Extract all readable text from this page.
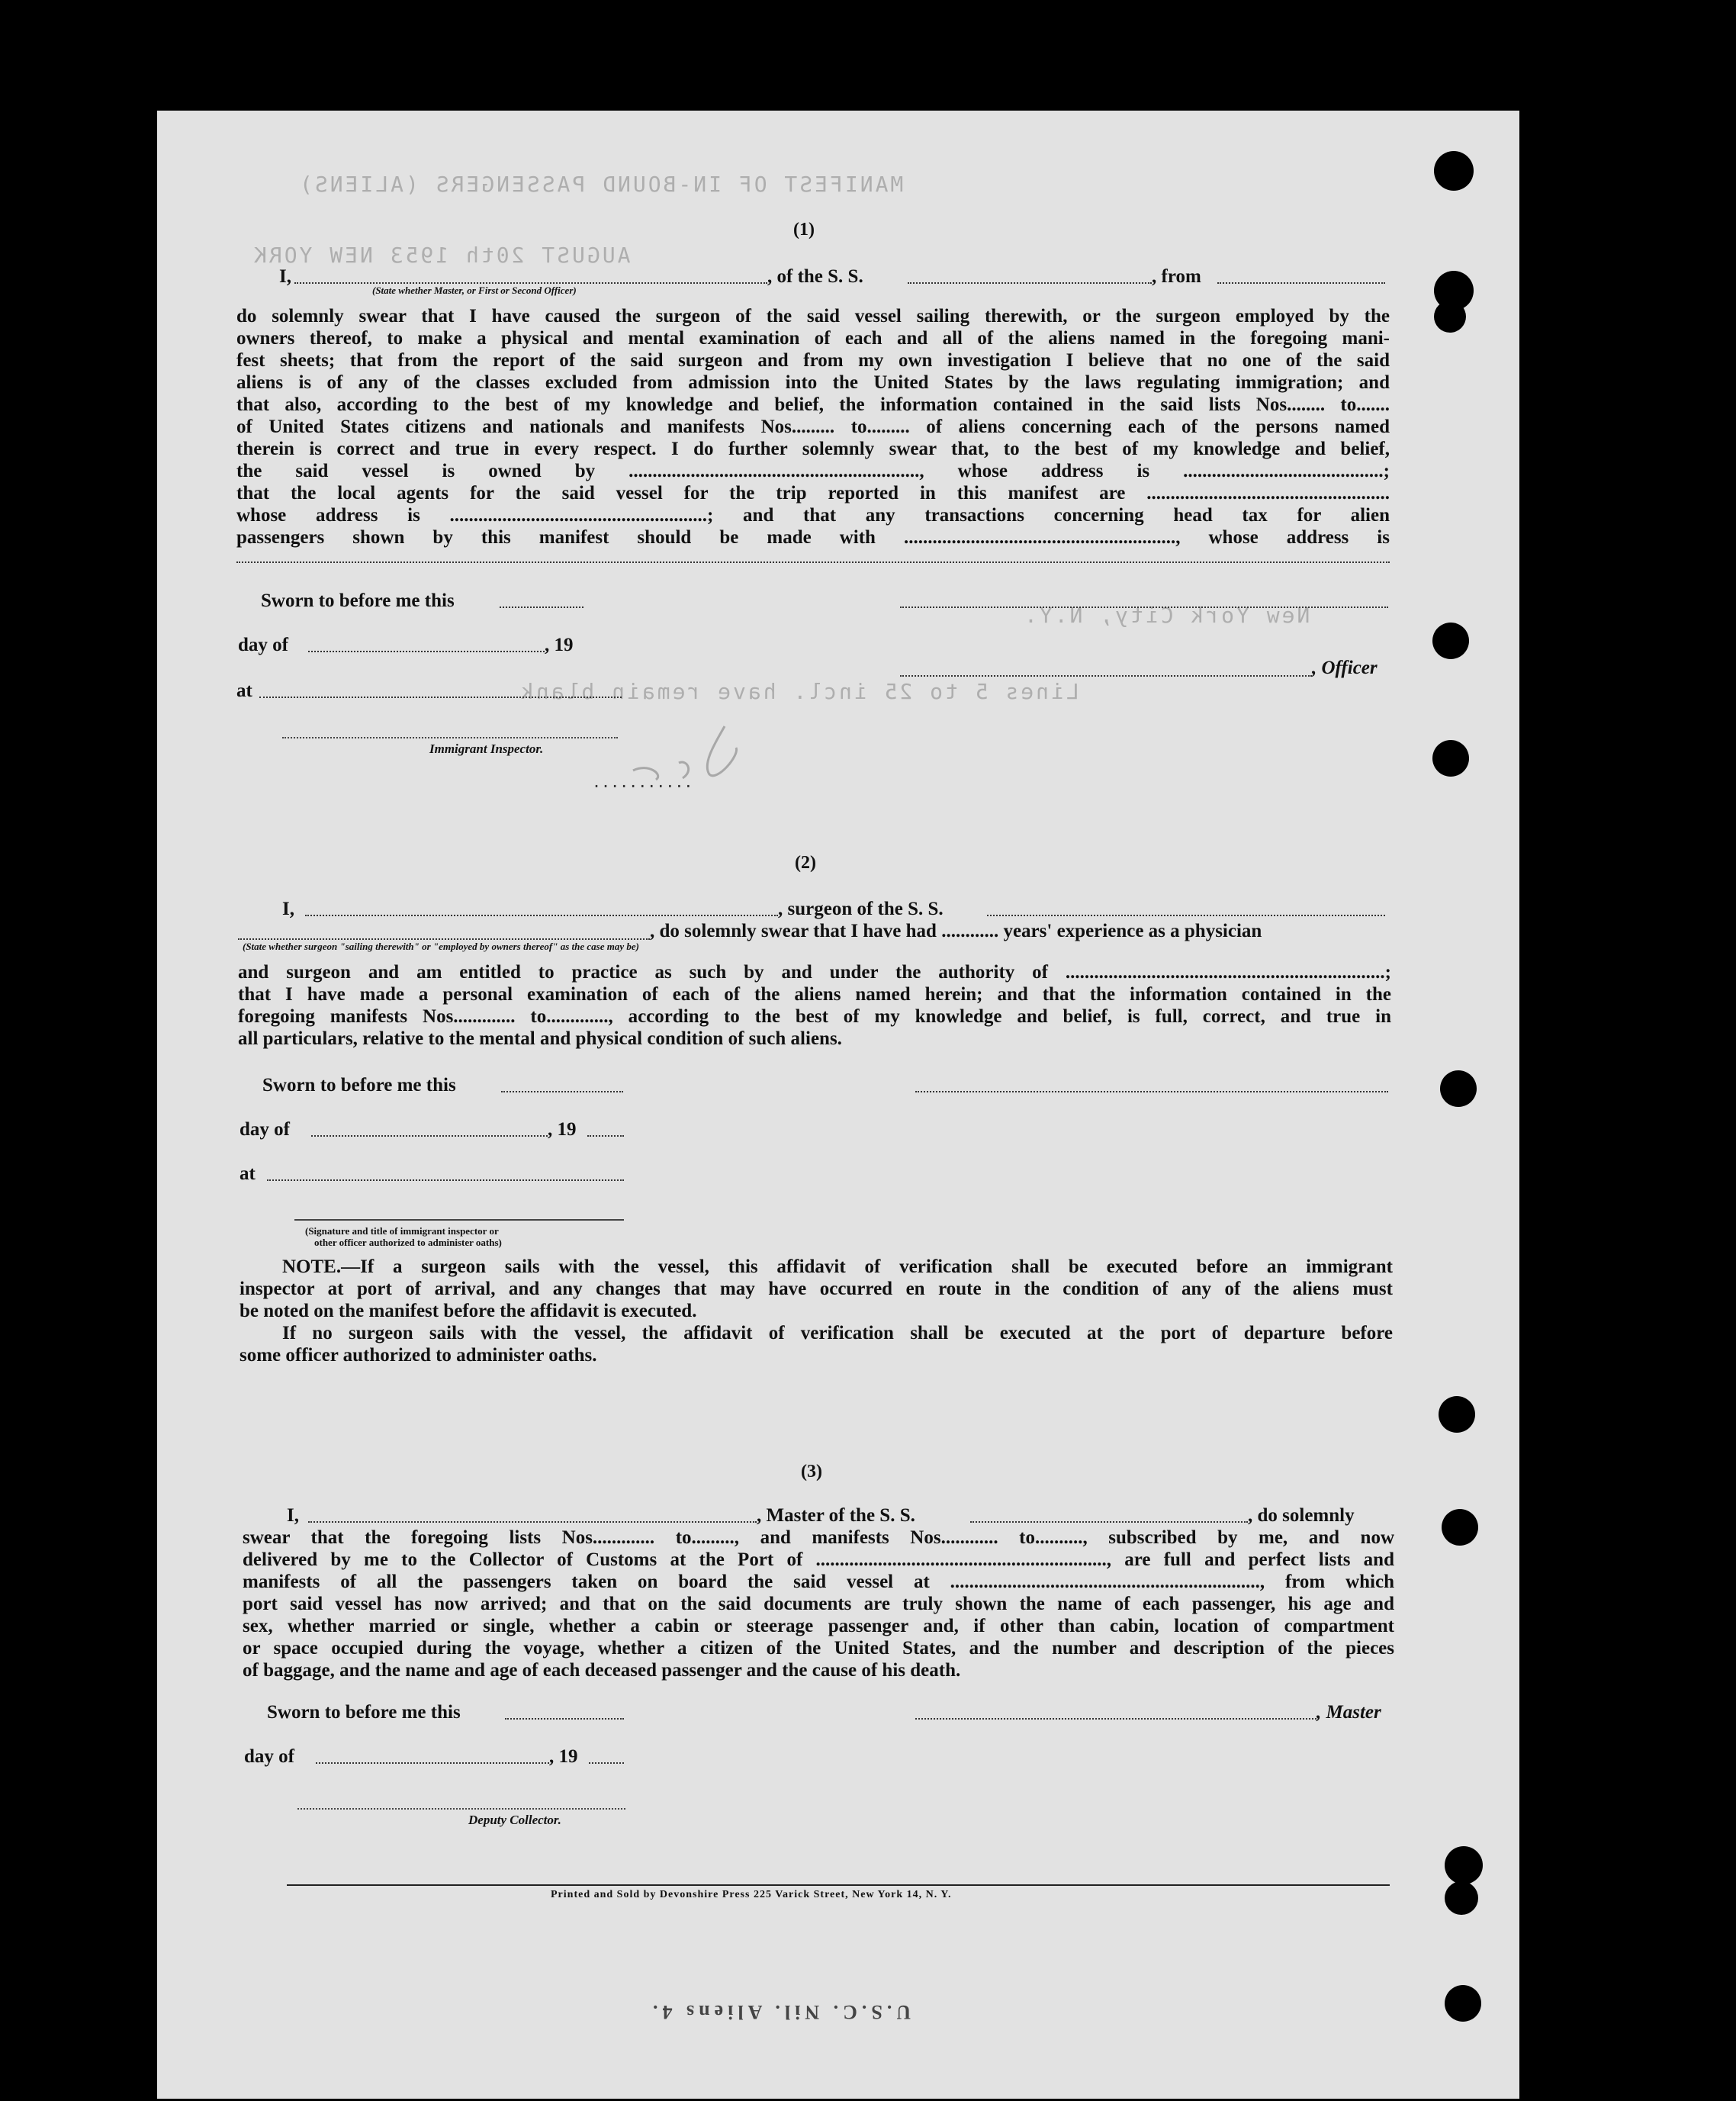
MANIFEST OF IN-BOUND PASSENGERS (ALIENS)
AUGUST 20th 1953 NEW YORK
Lines 5 to 25 incl. have remain blank
New York City, N.Y.
(1)
I,	, of the S. S.	, from
(State whether Master, or First or Second Officer)
do solemnly swear that I have caused the surgeon of the said vessel sailing therewith, or the surgeon employed by the
owners thereof, to make a physical and mental examination of each and all of the aliens named in the foregoing mani-
fest sheets; that from the report of the said surgeon and from my own investigation I believe that no one of the said
aliens is of any of the classes excluded from admission into the United States by the laws regulating immigration; and
that also, according to the best of my knowledge and belief, the information contained in the said lists Nos........ to.......
of United States citizens and nationals and manifests Nos......... to......... of aliens concerning each of the persons named
therein is correct and true in every respect. I do further solemnly swear that, to the best of my knowledge and belief,
the said vessel is owned by ............................................................., whose address is ..........................................;
that the local agents for the said vessel for the trip reported in this manifest are ...................................................
whose address is ......................................................; and that any transactions concerning head tax for alien
passengers shown by this manifest should be made with ........................................................., whose address is
Sworn to before me this
day of	, 19
, Officer
at
Immigrant Inspector.
...........
(2)
I,	, surgeon of the S. S.
, do solemnly swear that I have had ............ years' experience as a physician
(State whether surgeon "sailing therewith" or "employed by owners thereof" as the case may be)
and surgeon and am entitled to practice as such by and under the authority of ...................................................................;
that I have made a personal examination of each of the aliens named herein; and that the information contained in the
foregoing manifests Nos............. to............., according to the best of my knowledge and belief, is full, correct, and true in
all particulars, relative to the mental and physical condition of such aliens.
Sworn to before me this
day of	, 19
at
(Signature and title of immigrant inspector or
other officer authorized to administer oaths)
NOTE.—If a surgeon sails with the vessel, this affidavit of verification shall be executed before an immigrant
inspector at port of arrival, and any changes that may have occurred en route in the condition of any of the aliens must
be noted on the manifest before the affidavit is executed.
If no surgeon sails with the vessel, the affidavit of verification shall be executed at the port of departure before
some officer authorized to administer oaths.
(3)
I,	, Master of the S. S.	, do solemnly
swear that the foregoing lists Nos............. to........., and manifests Nos............ to.........., subscribed by me, and now
delivered by me to the Collector of Customs at the Port of ............................................................., are full and perfect lists and
manifests of all the passengers taken on board the said vessel at ................................................................., from which
port said vessel has now arrived; and that on the said documents are truly shown the name of each passenger, his age and
sex, whether married or single, whether a cabin or steerage passenger and, if other than cabin, location of compartment
or space occupied during the voyage, whether a citizen of the United States, and the number and description of the pieces
of baggage, and the name and age of each deceased passenger and the cause of his death.
Sworn to before me this	, Master
day of	, 19
Deputy Collector.
Printed and Sold by Devonshire Press 225 Varick Street, New York 14, N. Y.
U.S.C. Nil. Aliens 4.
